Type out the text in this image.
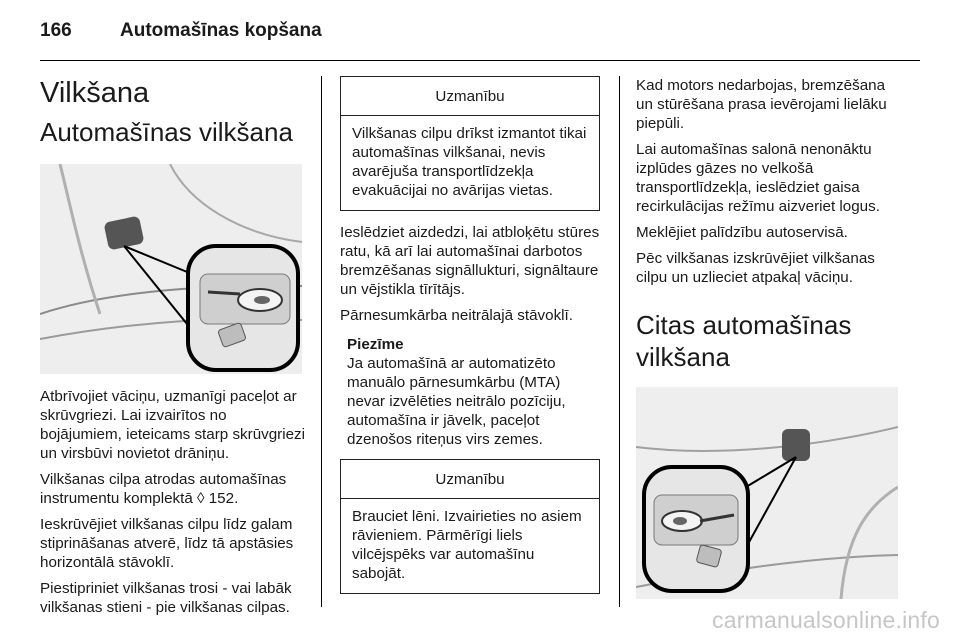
166	Automašīnas kopšana
Vilkšana
Automašīnas vilkšana

Atbrīvojiet vāciņu, uzmanīgi paceļot ar skrūvgriezi. Lai izvairītos no bojājumiem, ieteicams starp skrūvgriezi un virsbūvi novietot drāniņu.

Vilkšanas cilpa atrodas automašīnas instrumentu komplektā ◊ 152.

Ieskrūvējiet vilkšanas cilpu līdz galam stiprināšanas atverē, līdz tā apstāsies horizontālā stāvoklī.

Piestipriniet vilkšanas trosi - vai labāk vilkšanas stieni - pie vilkšanas cilpas.

Uzmanību
Vilkšanas cilpu drīkst izmantot tikai automašīnas vilkšanai, nevis avarējuša transportlīdzekļa evakuācijai no avārijas vietas.

Ieslēdziet aizdedzi, lai atbloķētu stūres ratu, kā arī lai automašīnai darbotos bremzēšanas signāllukturi, signāltaure un vējstikla tīrītājs.

Pārnesumkārba neitrālajā stāvoklī.

Piezīme

Ja automašīnā ar automatizēto manuālo pārnesumkārbu (MTA) nevar izvēlēties neitrālo pozīciju, automašīna ir jāvelk, paceļot dzenošos riteņus virs zemes.

Uzmanību
Brauciet lēni. Izvairieties no asiem rāvieniem. Pārmērīgi liels vilcējspēks var automašīnu sabojāt.

Kad motors nedarbojas, bremzēšana un stūrēšana prasa ievērojami lielāku piepūli.

Lai automašīnas salonā nenonāktu izplūdes gāzes no velkošā transportlīdzekļa, ieslēdziet gaisa recirkulācijas režīmu aizveriet logus.

Meklējiet palīdzību autoservisā.

Pēc vilkšanas izskrūvējiet vilkšanas cilpu un uzlieciet atpakaļ vāciņu.

Citas automašīnas vilkšana
carmanualsonline.info
